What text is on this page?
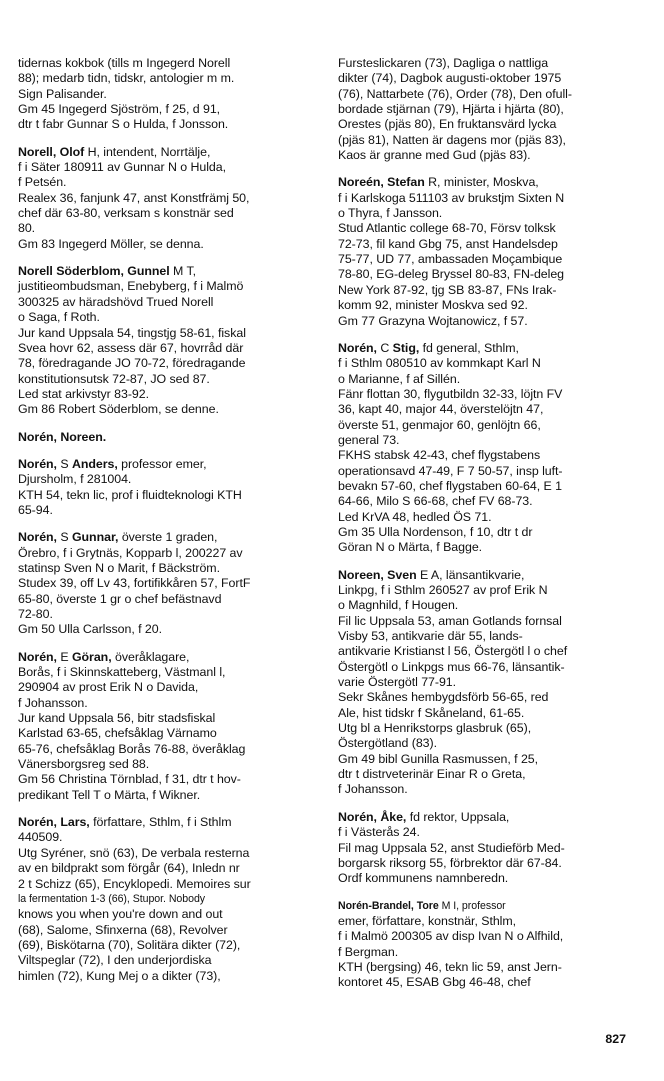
tidernas kokbok (tills m Ingegerd Norell

88); medarb tidn, tidskr, antologier m m.

Sign Palisander.

Gm 45 Ingegerd Sjöström, f 25, d 91,

dtr t fabr Gunnar S o Hulda, f Jonsson.

Norell, Olof H, intendent, Norrtälje,

f i Säter 180911 av Gunnar N o Hulda,

f Petsén.

Realex 36, fanjunk 47, anst Konstfrämj 50,

chef där 63-80, verksam s konstnär sed

80.

Gm 83 Ingegerd Möller, se denna.

Norell Söderblom, Gunnel M T,

justitieombudsman, Enebyberg, f i Malmö

300325 av häradshövd Trued Norell

o Saga, f Roth.

Jur kand Uppsala 54, tingstjg 58-61, fiskal

Svea hovr 62, assess där 67, hovrråd där

78, föredragande JO 70-72, föredragande

konstitutionsutsk 72-87, JO sed 87.

Led stat arkivstyr 83-92.

Gm 86 Robert Söderblom, se denne.

Norén, Noreen.

Norén, S Anders, professor emer,

Djursholm, f 281004.

KTH 54, tekn lic, prof i fluidteknologi KTH

65-94.

Norén, S Gunnar, överste 1 graden,

Örebro, f i Grytnäs, Kopparb l, 200227 av

statinsp Sven N o Marit, f Bäckström.

Studex 39, off Lv 43, fortifikkåren 57, FortF

65-80, överste 1 gr o chef befästnavd

72-80.

Gm 50 Ulla Carlsson, f 20.

Norén, E Göran, överåklagare,

Borås, f i Skinnskatteberg, Västmanl l,

290904 av prost Erik N o Davida,

f Johansson.

Jur kand Uppsala 56, bitr stadsfiskal

Karlstad 63-65, chefsåklag Värnamo

65-76, chefsåklag Borås 76-88, överåklag

Vänersborgsreg sed 88.

Gm 56 Christina Törnblad, f 31, dtr t hov-

predikant Tell T o Märta, f Wikner.

Norén, Lars, författare, Sthlm, f i Sthlm

440509.

Utg Syréner, snö (63), De verbala resterna

av en bildprakt som förgår (64), Inledn nr

2 t Schizz (65), Encyklopedi. Memoires sur

la fermentation 1-3 (66), Stupor. Nobody

knows you when you're down and out

(68), Salome, Sfinxerna (68), Revolver

(69), Biskötarna (70), Solitära dikter (72),

Viltspeglar (72), I den underjordiska

himlen (72), Kung Mej o a dikter (73),

Fursteslickaren (73), Dagliga o nattliga

dikter (74), Dagbok augusti-oktober 1975

(76), Nattarbete (76), Order (78), Den ofull-

bordade stjärnan (79), Hjärta i hjärta (80),

Orestes (pjäs 80), En fruktansvärd lycka

(pjäs 81), Natten är dagens mor (pjäs 83),

Kaos är granne med Gud (pjäs 83).

Noreén, Stefan R, minister, Moskva,

f i Karlskoga 511103 av brukstjm Sixten N

o Thyra, f Jansson.

Stud Atlantic college 68-70, Försv tolksk

72-73, fil kand Gbg 75, anst Handelsdep

75-77, UD 77, ambassaden Moçambique

78-80, EG-deleg Bryssel 80-83, FN-deleg

New York 87-92, tjg SB 83-87, FNs Irak-

komm 92, minister Moskva sed 92.

Gm 77 Grazyna Wojtanowicz, f 57.

Norén, C Stig, fd general, Sthlm,

f i Sthlm 080510 av kommkapt Karl N

o Marianne, f af Sillén.

Fänr flottan 30, flygutbildn 32-33, löjtn FV

36, kapt 40, major 44, överstelöjtn 47,

överste 51, genmajor 60, genlöjtn 66,

general 73.

FKHS stabsk 42-43, chef flygstabens

operationsavd 47-49, F 7 50-57, insp luft-

bevakn 57-60, chef flygstaben 60-64, E 1

64-66, Milo S 66-68, chef FV 68-73.

Led KrVA 48, hedled ÖS 71.

Gm 35 Ulla Nordenson, f 10, dtr t dr

Göran N o Märta, f Bagge.

Noreen, Sven E A, länsantikvarie,

Linkpg, f i Sthlm 260527 av prof Erik N

o Magnhild, f Hougen.

Fil lic Uppsala 53, aman Gotlands fornsal

Visby 53, antikvarie där 55, lands-

antikvarie Kristianst l 56, Östergötl l o chef

Östergötl o Linkpgs mus 66-76, länsantik-

varie Östergötl 77-91.

Sekr Skånes hembygdsförb 56-65, red

Ale, hist tidskr f Skåneland, 61-65.

Utg bl a Henrikstorps glasbruk (65),

Östergötland (83).

Gm 49 bibl Gunilla Rasmussen, f 25,

dtr t distrveterinär Einar R o Greta,

f Johansson.

Norén, Åke, fd rektor, Uppsala,

f i Västerås 24.

Fil mag Uppsala 52, anst Studieförb Med-

borgarsk riksorg 55, förbrektor där 67-84.

Ordf kommunens namnberedn.

Norén-Brandel, Tore M I, professor

emer, författare, konstnär, Sthlm,

f i Malmö 200305 av disp Ivan N o Alfhild,

f Bergman.

KTH (bergsing) 46, tekn lic 59, anst Jern-

kontoret 45, ESAB Gbg 46-48, chef

827
